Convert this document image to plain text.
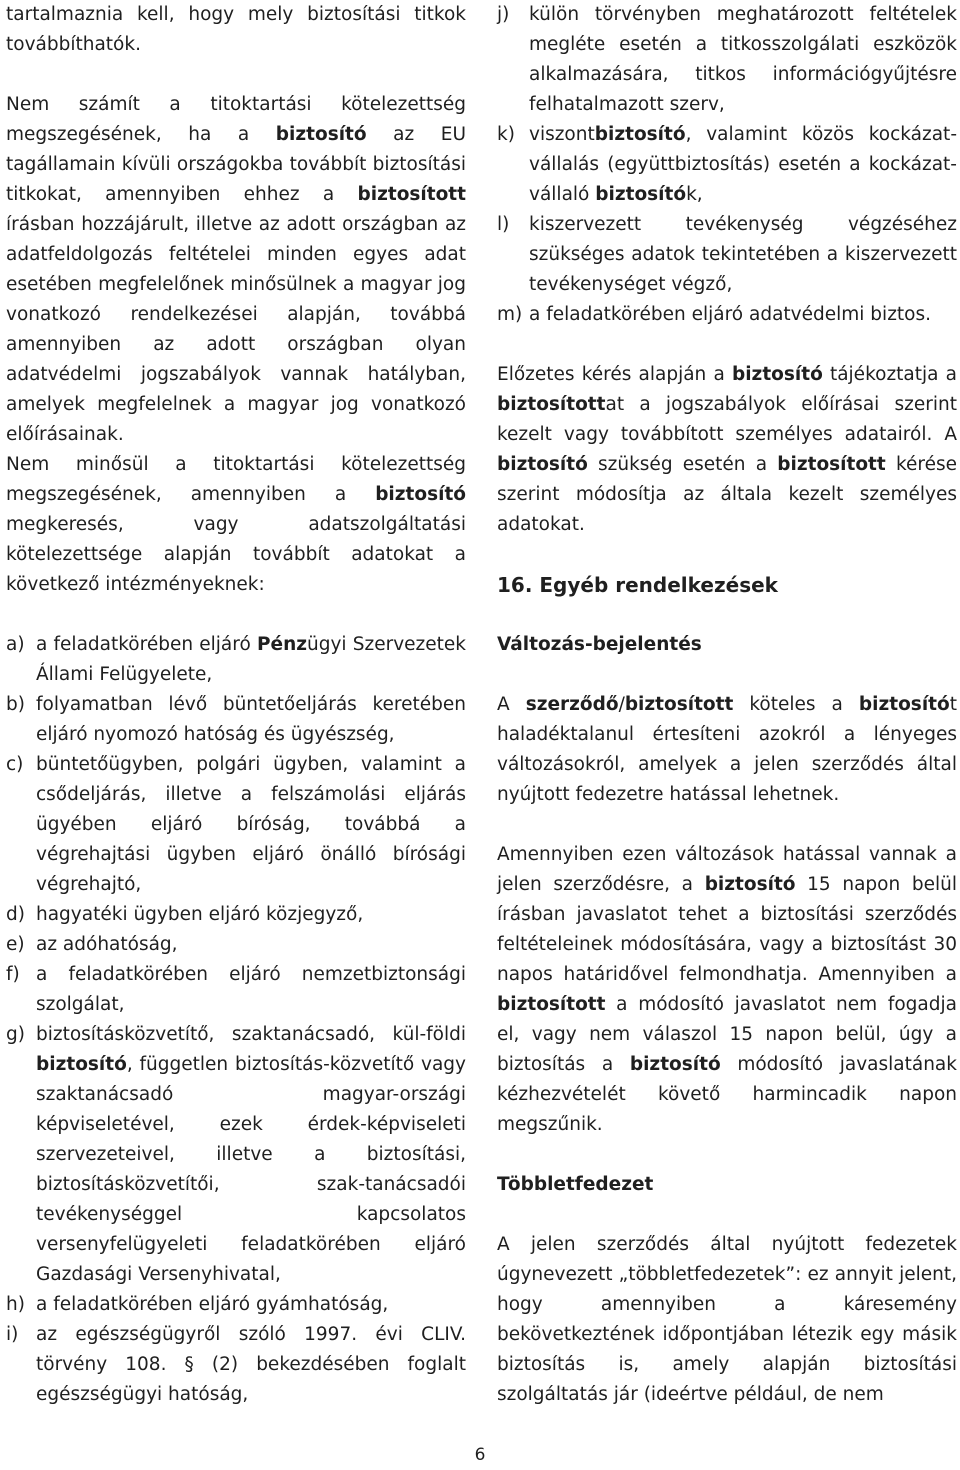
tartalmaznia kell, hogy mely biztosítási titkok továbbíthatók.

Nem számít a titoktartási kötelezettség megszegésének, ha a biztosító az EU tagállamain kívüli országokba továbbít biztosítási titkokat, amennyiben ehhez a biztosított írásban hozzájárult, illetve az adott országban az adatfeldolgozás feltételei minden egyes adat esetében megfelelőnek minősülnek a magyar jog vonatkozó rendelkezései alapján, továbbá amennyiben az adott országban olyan adatvédelmi jogszabályok vannak hatályban, amelyek megfelelnek a magyar jog vonatkozó előírásainak.

Nem minősül a titoktartási kötelezettség megszegésének, amennyiben a biztosító megkeresés, vagy adatszolgáltatási kötelezettsége alapján továbbít adatokat a következő intézményeknek:

a) a feladatkörében eljáró Pénzügyi Szervezetek Állami Felügyelete,
b) folyamatban lévő büntetőeljárás keretében eljáró nyomozó hatóság és ügyészség,
c) büntetőügyben, polgári ügyben, valamint a csődeljárás, illetve a felszámolási eljárás ügyében eljáró bíróság, továbbá a végrehajtási ügyben eljáró önálló bírósági végrehajtó,
d) hagyatéki ügyben eljáró közjegyző,
e) az adóhatóság,
f) a feladatkörében eljáró nemzetbiztonsági szolgálat,
g) biztosításközvetítő, szaktanácsadó, kül-földi biztosító, független biztosítás-közvetítő vagy szaktanácsadó magyar-országi képviseletével, ezek érdek-képviseleti szervezeteivel, illetve a biztosítási, biztosításközvetítői, szak-tanácsadói tevékenységgel kapcsolatos versenyfelügyeleti feladatkörében eljáró Gazdasági Versenyhivatal,
h) a feladatkörében eljáró gyámhatóság,
i) az egészségügyről szóló 1997. évi CLIV. törvény 108. § (2) bekezdésében foglalt egészségügyi hatóság,
j) külön törvényben meghatározott feltételek megléte esetén a titkosszolgálati eszközök alkalmazására, titkos információgyűjtésre felhatalmazott szerv,
k) viszontbiztosító, valamint közös kockázat-vállalás (együttbiztosítás) esetén a kockázat-vállaló biztosítók,
l) kiszervezett tevékenység végzéséhez szükséges adatok tekintetében a kiszervezett tevékenységet végző,
m) a feladatkörében eljáró adatvédelmi biztos.

Előzetes kérés alapján a biztosító tájékoztatja a biztosítottat a jogszabályok előírásai szerint kezelt vagy továbbított személyes adatairól. A biztosító szükség esetén a biztosított kérése szerint módosítja az általa kezelt személyes adatokat.

16. Egyéb rendelkezések
Változás-bejelentés

A szerződő/biztosított köteles a biztosítót haladéktalanul értesíteni azokról a lényeges változásokról, amelyek a jelen szerződés által nyújtott fedezetre hatással lehetnek.

Amennyiben ezen változások hatással vannak a jelen szerződésre, a biztosító 15 napon belül írásban javaslatot tehet a biztosítási szerződés feltételeinek módosítására, vagy a biztosítást 30 napos határidővel felmondhatja. Amennyiben a biztosított a módosító javaslatot nem fogadja el, vagy nem válaszol 15 napon belül, úgy a biztosítás a biztosító módosító javaslatának kézhezvételét követő harmincadik napon megszűnik.

Többletfedezet

A jelen szerződés által nyújtott fedezetek úgynevezett „többletfedezetek”: ez annyit jelent, hogy amennyiben a káresemény bekövetkeztének időpontjában létezik egy másik biztosítás is, amely alapján biztosítási szolgáltatás jár (ideértve például, de nem

6
